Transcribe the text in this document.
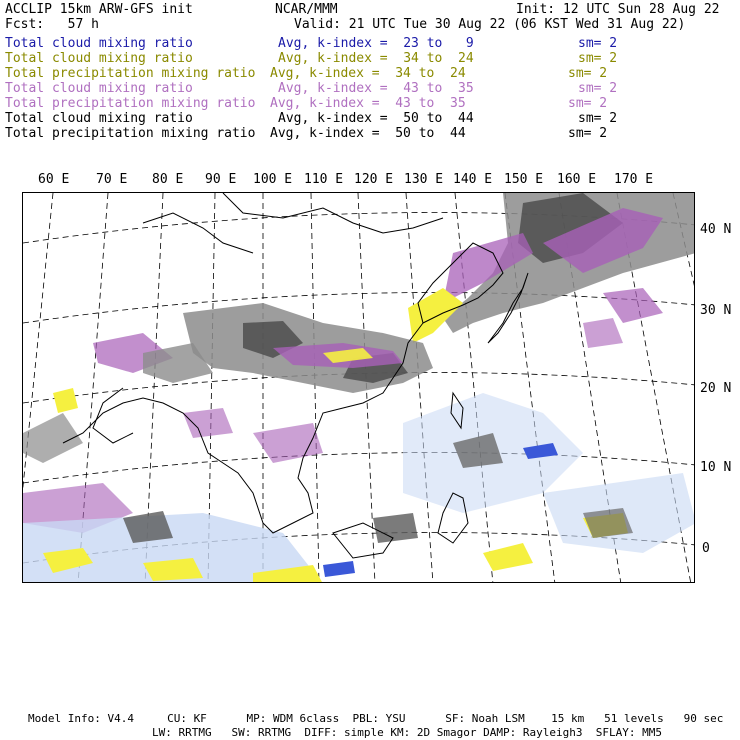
ACCLIP 15km ARW-GFS init	NCAR/MMM	Init: 12 UTC Sun 28 Aug 22
Fcst:   57 h	Valid: 21 UTC Tue 30 Aug 22 (06 KST Wed 31 Aug 22)
Total cloud mixing ratio	Avg, k-index =  23 to   9	sm= 2
Total cloud mixing ratio	Avg, k-index =  34 to  24	sm= 2
Total precipitation mixing ratio Avg, k-index =  34 to  24	sm= 2
Total cloud mixing ratio	Avg, k-index =  43 to  35	sm= 2
Total precipitation mixing ratio Avg, k-index =  43 to  35	sm= 2
Total cloud mixing ratio	Avg, k-index =  50 to  44	sm= 2
Total precipitation mixing ratio Avg, k-index =  50 to  44	sm= 2
60 E 70 E 80 E 90 E 100 E 110 E 120 E 130 E 140 E 150 E 160 E 170 E
40 N
30 N
20 N
10 N
0
Model Info: V4.4     CU: KF      MP: WDM 6class  PBL: YSU      SF: Noah LSM    15 km   51 levels   90 sec
LW: RRTMG   SW: RRTMG  DIFF: simple KM: 2D Smagor DAMP: Rayleigh3  SFLAY: MM5
